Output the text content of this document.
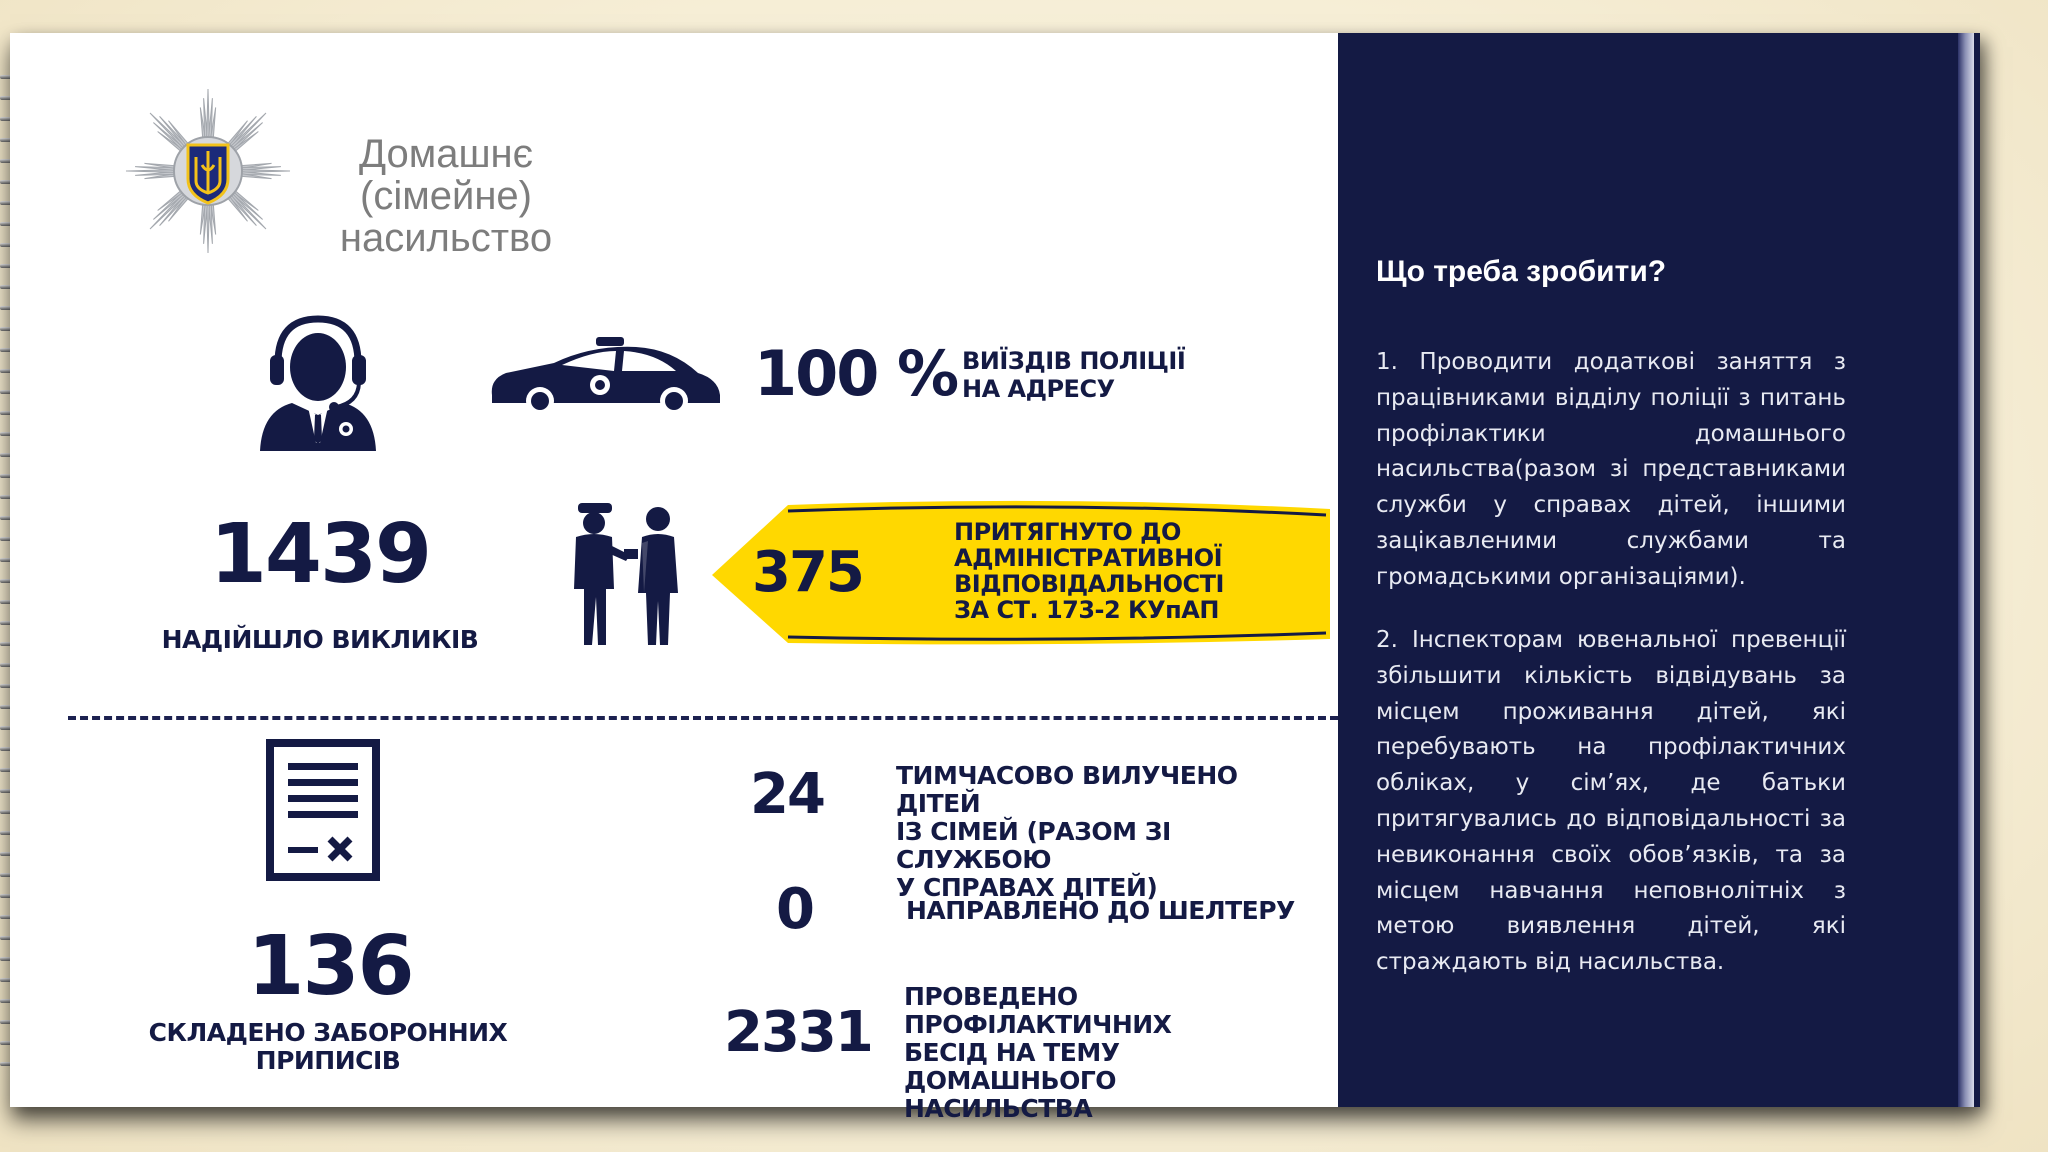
Домашнє (сімейне) насильство
1439
НАДІЙШЛО ВИКЛИКІВ
100 % ВИЇЗДІВ ПОЛІЦІЇ
НА АДРЕСУ
375
ПРИТЯГНУТО ДО
АДМІНІСТРАТИВНОЇ
ВІДПОВІДАЛЬНОСТІ
ЗА СТ. 173-2 КУпАП
136
СКЛАДЕНО ЗАБОРОННИХ
ПРИПИСІВ
24	ТИМЧАСОВО ВИЛУЧЕНО ДІТЕЙ
ІЗ СІМЕЙ (РАЗОМ ЗІ СЛУЖБОЮ
У СПРАВАХ ДІТЕЙ)
0	НАПРАВЛЕНО ДО ШЕЛТЕРУ
2331
ПРОВЕДЕНО ПРОФІЛАКТИЧНИХ
БЕСІД НА ТЕМУ ДОМАШНЬОГО
НАСИЛЬСТВА
Що треба зробити?

1. Проводити додаткові заняття з працівниками відділу поліції з питань профілактики домашнього насильства(разом зі представниками служби у справах дітей, іншими зацікавленими службами та громадськими організаціями).

2. Інспекторам ювенальної превенції збільшити кількість відвідувань за місцем проживання дітей, які перебувають на профілактичних обліках, у сім’ях, де батьки притягувались до відповідальності за невиконання своїх обов’язків, та за місцем навчання неповнолітніх з метою виявлення дітей, які страждають від насильства.
